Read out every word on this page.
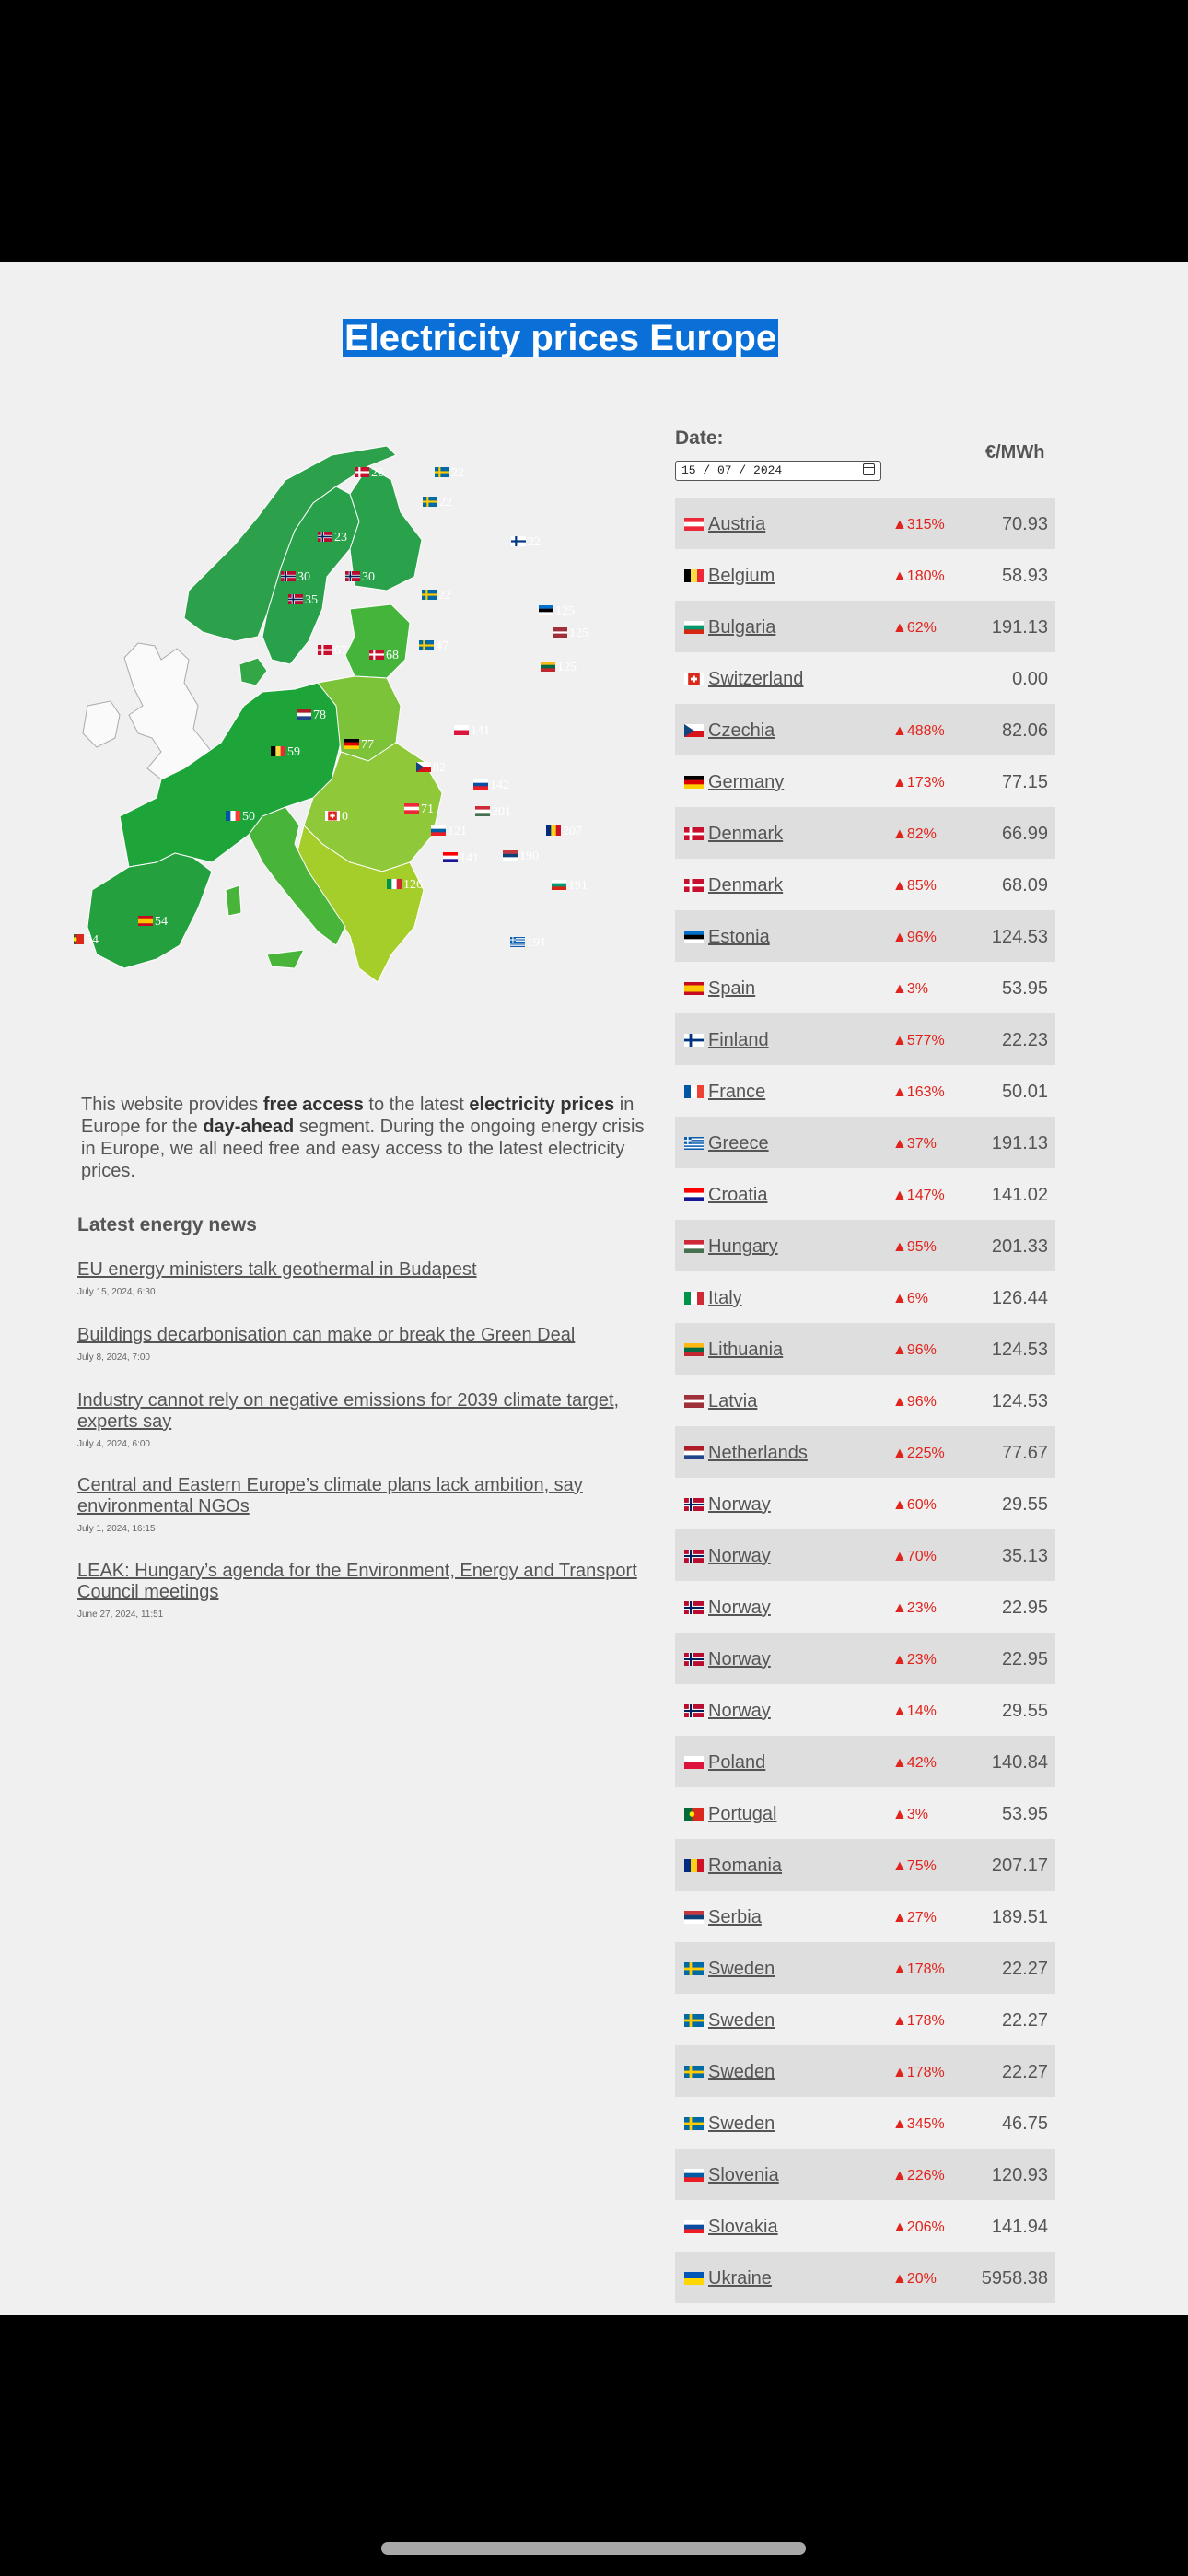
Electricity prices Europe
26	22
22
23	22
30	30
35	22
125
125
67	47
68
125
78
141
59
77
82
142
50	0
71	201
207
121
141	190
191
126
54
54	191
This website provides free access to the latest electricity prices in Europe for the day-ahead segment. During the ongoing energy crisis in Europe, we all need free and easy access to the latest electricity prices.
Latest energy news
EU energy ministers talk geothermal in Budapest
July 15, 2024, 6:30
Buildings decarbonisation can make or break the Green Deal
July 8, 2024, 7:00
Industry cannot rely on negative emissions for 2039 climate target, experts say
July 4, 2024, 6:00
Central and Eastern Europe’s climate plans lack ambition, say environmental NGOs
July 1, 2024, 16:15
LEAK: Hungary’s agenda for the Environment, Energy and Transport Council meetings
June 27, 2024, 11:51
Date:
15 / 07 / 2024
€/MWh
Austria	▲315%	70.93
Belgium	▲180%	58.93
Bulgaria	▲62%	191.13
Switzerland	0.00
Czechia	▲488%	82.06
Germany	▲173%	77.15
Denmark	▲82%	66.99
Denmark	▲85%	68.09
Estonia	▲96%	124.53
Spain	▲3%	53.95
Finland	▲577%	22.23
France	▲163%	50.01
Greece	▲37%	191.13
Croatia	▲147%	141.02
Hungary	▲95%	201.33
Italy	▲6%	126.44
Lithuania	▲96%	124.53
Latvia	▲96%	124.53
Netherlands	▲225%	77.67
Norway	▲60%	29.55
Norway	▲70%	35.13
Norway	▲23%	22.95
Norway	▲23%	22.95
Norway	▲14%	29.55
Poland	▲42%	140.84
Portugal	▲3%	53.95
Romania	▲75%	207.17
Serbia	▲27%	189.51
Sweden	▲178%	22.27
Sweden	▲178%	22.27
Sweden	▲178%	22.27
Sweden	▲345%	46.75
Slovenia	▲226%	120.93
Slovakia	▲206%	141.94
Ukraine	▲20% 5958.38
